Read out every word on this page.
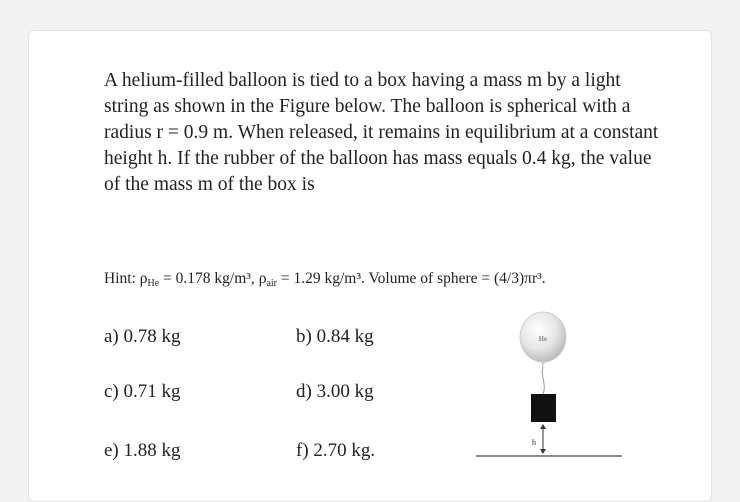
A helium-filled balloon is tied to a box having a mass m by a light string as shown in the Figure below. The balloon is spherical with a radius r = 0.9 m. When released, it remains in equilibrium at a constant height h. If the rubber of the balloon has mass equals 0.4 kg, the value of the mass m of the box is

Hint: $\rho_{He} = 0.178$ kg/m³, $\rho_{air} = 1.29$ kg/m³. Volume of sphere = (4/3)πr³.
a) 0.78 kg	b) 0.84 kg
c) 0.71 kg	d) 3.00 kg
e) 1.88 kg	f) 2.70 kg.
He
h
